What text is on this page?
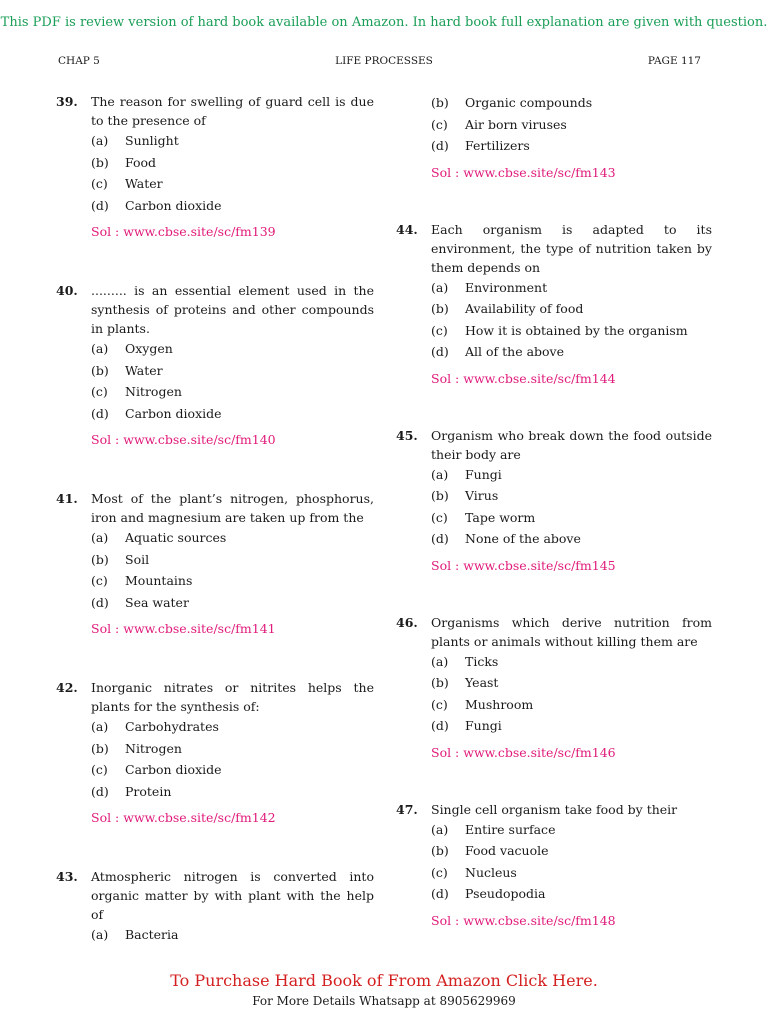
This PDF is review version of hard book available on Amazon. In hard book full explanation are given with question.
CHAP 5	LIFE PROCESSES	PAGE 117
39. The reason for swelling of guard cell is due to the presence of
(a) Sunlight
(b) Food
(c) Water
(d) Carbon dioxide
Sol : www.cbse.site/sc/fm139
40. ......... is an essential element used in the synthesis of proteins and other compounds in plants.
(a) Oxygen
(b) Water
(c) Nitrogen
(d) Carbon dioxide
Sol : www.cbse.site/sc/fm140
41. Most of the plant’s nitrogen, phosphorus, iron and magnesium are taken up from the
(a) Aquatic sources
(b) Soil
(c) Mountains
(d) Sea water
Sol : www.cbse.site/sc/fm141
42. Inorganic nitrates or nitrites helps the plants for the synthesis of:
(a) Carbohydrates
(b) Nitrogen
(c) Carbon dioxide
(d) Protein
Sol : www.cbse.site/sc/fm142
43. Atmospheric nitrogen is converted into organic matter by with plant with the help of
(a) Bacteria
(b) Organic compounds
(c) Air born viruses
(d) Fertilizers
Sol : www.cbse.site/sc/fm143
44. Each organism is adapted to its environment, the type of nutrition taken by them depends on
(a) Environment
(b) Availability of food
(c) How it is obtained by the organism
(d) All of the above
Sol : www.cbse.site/sc/fm144
45. Organism who break down the food outside their body are
(a) Fungi
(b) Virus
(c) Tape worm
(d) None of the above
Sol : www.cbse.site/sc/fm145
46. Organisms which derive nutrition from plants or animals without killing them are
(a) Ticks
(b) Yeast
(c) Mushroom
(d) Fungi
Sol : www.cbse.site/sc/fm146
47. Single cell organism take food by their
(a) Entire surface
(b) Food vacuole
(c) Nucleus
(d) Pseudopodia
Sol : www.cbse.site/sc/fm148
To Purchase Hard Book of From Amazon Click Here.
For More Details Whatsapp at 8905629969
